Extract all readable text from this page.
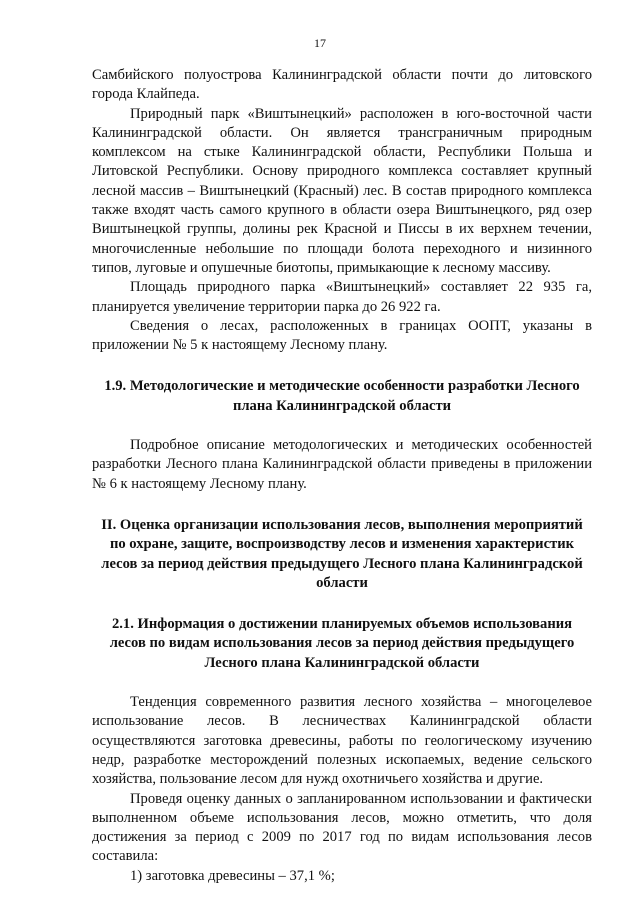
17

Самбийского полуострова Калининградской области почти до литовского города Клайпеда.

Природный парк «Виштынецкий» расположен в юго-восточной части Калининградской области. Он является трансграничным природным комплексом на стыке Калининградской области, Республики Польша и Литовской Республики. Основу природного комплекса составляет крупный лесной массив – Виштынецкий (Красный) лес. В состав природного комплекса также входят часть самого крупного в области озера Виштынецкого, ряд озер Виштынецкой группы, долины рек Красной и Писсы в их верхнем течении, многочисленные небольшие по площади болота переходного и низинного типов, луговые и опушечные биотопы, примыкающие к лесному массиву.

Площадь природного парка «Виштынецкий» составляет 22 935 га, планируется увеличение территории парка до 26 922 га.

Сведения о лесах, расположенных в границах ООПТ, указаны в приложении № 5 к настоящему Лесному плану.

1.9. Методологические и методические особенности разработки Лесного
плана Калининградской области

Подробное описание методологических и методических особенностей разработки Лесного плана Калининградской области приведены в приложении № 6 к настоящему Лесному плану.

II. Оценка организации использования лесов, выполнения мероприятий
по охране, защите, воспроизводству лесов и изменения характеристик
лесов за период действия предыдущего Лесного плана Калининградской
области
2.1. Информация о достижении планируемых объемов использования
лесов по видам использования лесов за период действия предыдущего
Лесного плана Калининградской области

Тенденция современного развития лесного хозяйства – многоцелевое использование лесов. В лесничествах Калининградской области осуществляются заготовка древесины, работы по геологическому изучению недр, разработке месторождений полезных ископаемых, ведение сельского хозяйства, пользование лесом для нужд охотничьего хозяйства и другие.

Проведя оценку данных о запланированном использовании и фактически выполненном объеме использования лесов, можно отметить, что доля достижения за период с 2009 по 2017 год по видам использования лесов составила:

1) заготовка древесины – 37,1 %;
